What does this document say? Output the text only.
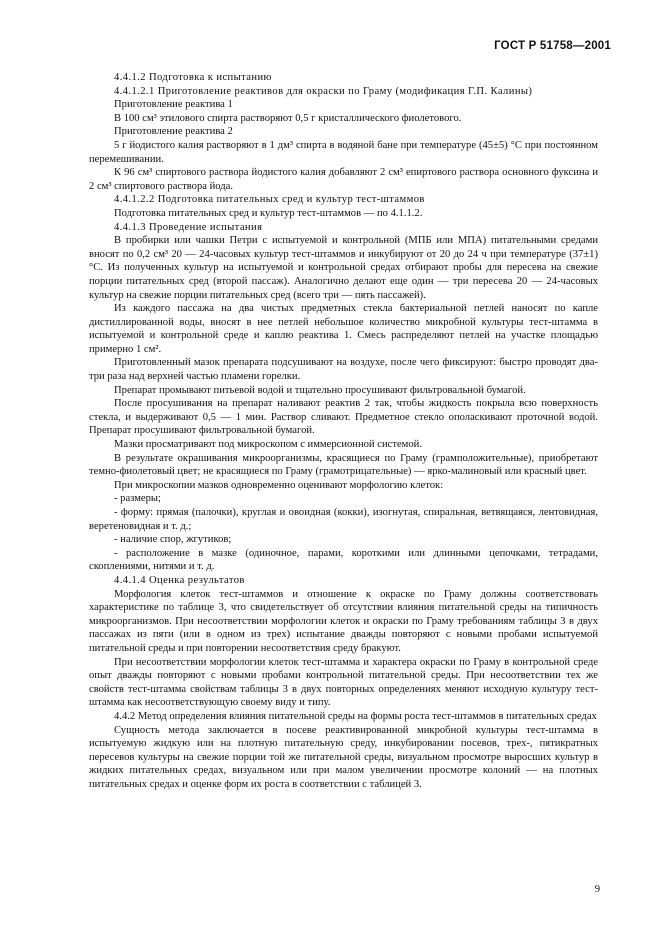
ГОСТ Р 51758—2001

4.4.1.2 Подготовка к испытанию

4.4.1.2.1 Приготовление реактивов для окраски по Граму (модификация Г.П. Калины)

Приготовление реактива 1

В 100 см³ этилового спирта растворяют 0,5 г кристаллического фиолетового.

Приготовление реактива 2

5 г йодистого калия растворяют в 1 дм³ спирта в водяной бане при температуре (45±5) °С при постоянном перемешивании.

К 96 см³ спиртового раствора йодистого калия добавляют 2 см³ епиртового раствора основного фуксина и 2 см³ спиртового раствора йода.

4.4.1.2.2 Подготовка питательных сред и культур тест-штаммов

Подготовка питательных сред и культур тест-штаммов — по 4.1.1.2.

4.4.1.3 Проведение испытания

В пробирки или чашки Петри с испытуемой и контрольной (МПБ или МПА) питательными средами вносят по 0,2 см³ 20 — 24-часовых культур тест-штаммов и инкубируют от 20 до 24 ч при температуре (37±1) °С. Из полученных культур на испытуемой и контрольной средах отбирают пробы для пересева на свежие порции питательных сред (второй пассаж). Аналогично делают еще один — три пересева 20 — 24-часовых культур на свежие порции питательных сред (всего три — пять пассажей).

Из каждого пассажа на два чистых предметных стекла бактериальной петлей наносят по капле дистиллированной воды, вносят в нее петлей небольшое количество микробной культуры тест-штамма в испытуемой и контрольной среде и каплю реактива 1. Смесь распределяют петлей на участке площадью примерно 1 см².

Приготовленный мазок препарата подсушивают на воздухе, после чего фиксируют: быстро проводят два-три раза над верхней частью пламени горелки.

Препарат промывают питьевой водой и тщательно просушивают фильтровальной бумагой.

После просушивания на препарат наливают реактив 2 так, чтобы жидкость покрыла всю поверхность стекла, и выдерживают 0,5 — 1 мин. Раствор сливают. Предметное стекло ополаскивают проточной водой. Препарат просушивают фильтровальной бумагой.

Мазки просматривают под микроскопом с иммерсионной системой.

В результате окрашивания микроорганизмы, красящиеся по Граму (грамположительные), приобретают темно-фиолетовый цвет; не красящиеся по Граму (грамотрицательные) — ярко-малиновый или красный цвет.

При микроскопии мазков одновременно оценивают морфологию клеток:

- размеры;

- форму: прямая (палочки), круглая и овоидная (кокки), изогнутая, спиральная, ветвящаяся, лентовидная, веретеновидная и т. д.;

- наличие спор, жгутиков;

- расположение в мазке (одиночное, парами, короткими или длинными цепочками, тетрадами, скоплениями, нитями и т. д.

4.4.1.4 Оценка результатов

Морфология клеток тест-штаммов и отношение к окраске по Граму должны соответствовать характеристике по таблице 3, что свидетельствует об отсутствии влияния питательной среды на типичность микроорганизмов. При несоответствии морфологии клеток и окраски по Граму требованиям таблицы 3 в двух пассажах из пяти (или в одном из трех) испытание дважды повторяют с новыми пробами испытуемой питательной среды и при повторении несоответствия среду бракуют.

При несоответствии морфологии клеток тест-штамма и характера окраски по Граму в контрольной среде опыт дважды повторяют с новыми пробами контрольной питательной среды. При несоответствии тех же свойств тест-штамма свойствам таблицы 3 в двух повторных определениях меняют исходную культуру тест-штамма как несоответствующую своему виду и типу.

4.4.2 Метод определения влияния питательной среды на формы роста тест-штаммов в питательных средах

Сущность метода заключается в посеве реактивированной микробной культуры тест-штамма в испытуемую жидкую или на плотную питательную среду, инкубировании посевов, трех-, пятикратных пересевов культуры на свежие порции той же питательной среды, визуальном просмотре выросших культур в жидких питательных средах, визуальном или при малом увеличении просмотре колоний — на плотных питательных средах и оценке форм их роста в соответствии с таблицей 3.

9
